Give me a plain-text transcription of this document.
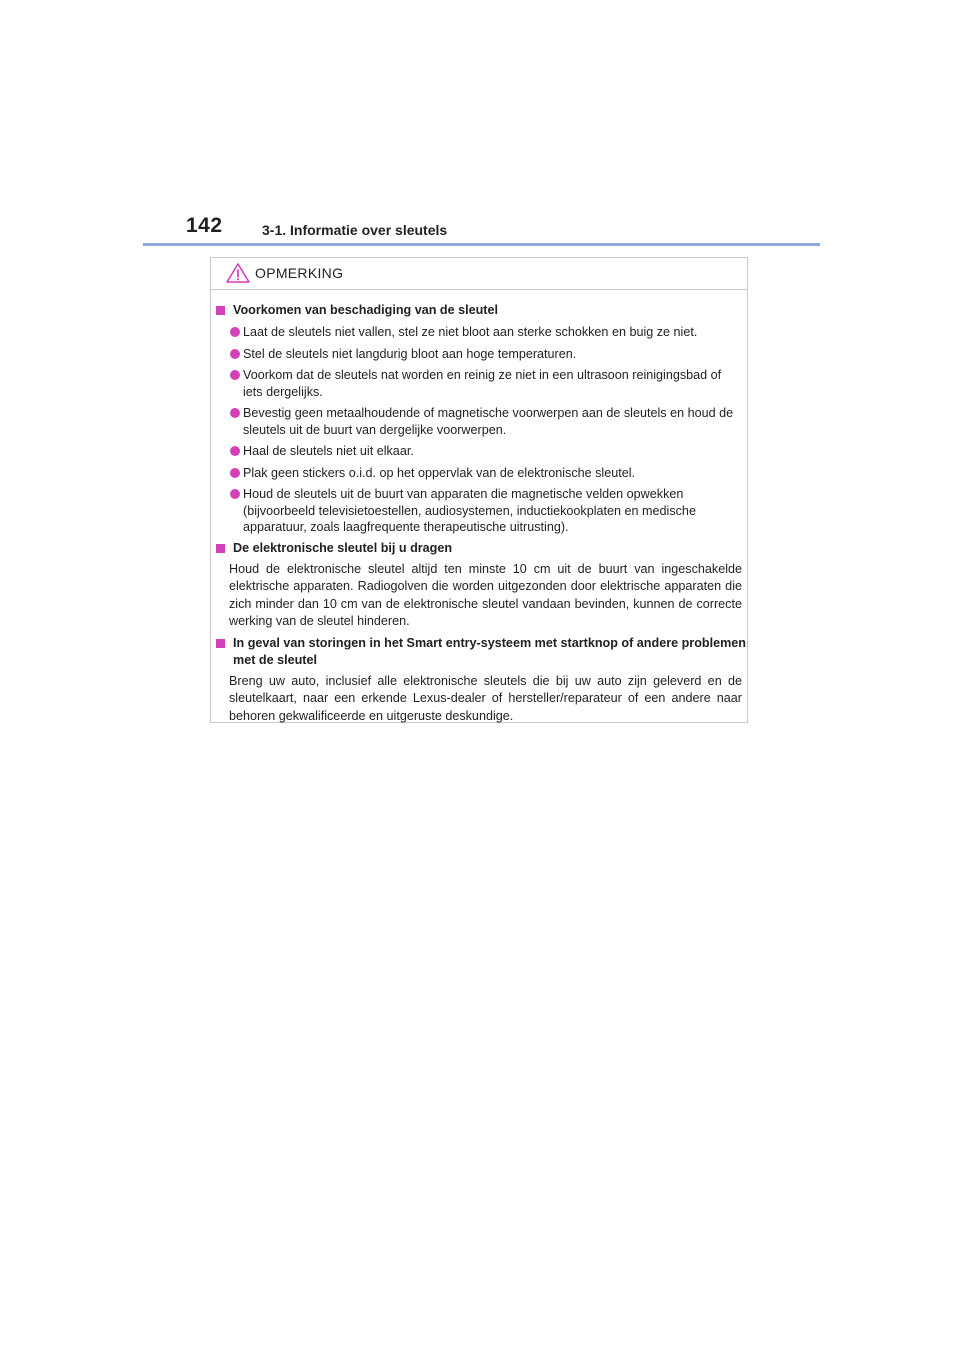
142	3-1. Informatie over sleutels
OPMERKING
Voorkomen van beschadiging van de sleutel
Laat de sleutels niet vallen, stel ze niet bloot aan sterke schokken en buig ze niet.
Stel de sleutels niet langdurig bloot aan hoge temperaturen.
Voorkom dat de sleutels nat worden en reinig ze niet in een ultrasoon reinigingsbad of iets dergelijks.
Bevestig geen metaalhoudende of magnetische voorwerpen aan de sleutels en houd de sleutels uit de buurt van dergelijke voorwerpen.
Haal de sleutels niet uit elkaar.
Plak geen stickers o.i.d. op het oppervlak van de elektronische sleutel.
Houd de sleutels uit de buurt van apparaten die magnetische velden opwekken (bijvoorbeeld televisietoestellen, audiosystemen, inductiekookplaten en medische apparatuur, zoals laagfrequente therapeutische uitrusting).
De elektronische sleutel bij u dragen
Houd de elektronische sleutel altijd ten minste 10 cm uit de buurt van ingeschakelde elektrische apparaten. Radiogolven die worden uitgezonden door elektrische apparaten die zich minder dan 10 cm van de elektronische sleutel vandaan bevinden, kunnen de correcte werking van de sleutel hinderen.
In geval van storingen in het Smart entry-systeem met startknop of andere problemen met de sleutel
Breng uw auto, inclusief alle elektronische sleutels die bij uw auto zijn geleverd en de sleutelkaart, naar een erkende Lexus-dealer of hersteller/reparateur of een andere naar behoren gekwalificeerde en uitgeruste deskundige.
